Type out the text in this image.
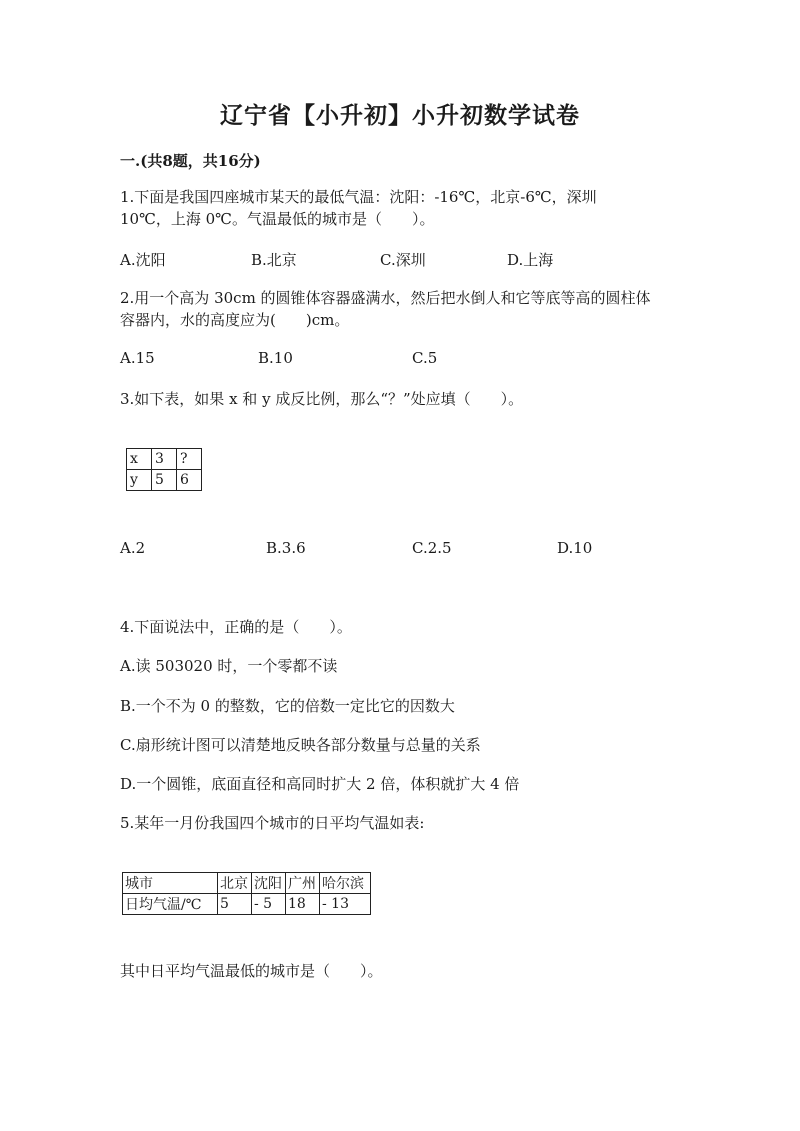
辽宁省【小升初】小升初数学试卷
一.(共8题，共16分)
1.下面是我国四座城市某天的最低气温：沈阳：-16℃，北京-6℃，深圳
10℃，上海 0℃。气温最低的城市是（　　）。
A.沈阳	B.北京	C.深圳	D.上海
2.用一个高为 30cm 的圆锥体容器盛满水，然后把水倒人和它等底等高的圆柱体
容器内，水的高度应为(　　)cm。
A.15	B.10	C.5
3.如下表，如果 x 和 y 成反比例，那么“？”处应填（　　）。
x	3	?
y	5	6
A.2	B.3.6	C.2.5	D.10
4.下面说法中，正确的是（　　）。
A.读 503020 时，一个零都不读
B.一个不为 0 的整数，它的倍数一定比它的因数大
C.扇形统计图可以清楚地反映各部分数量与总量的关系
D.一个圆锥，底面直径和高同时扩大 2 倍，体积就扩大 4 倍
5.某年一月份我国四个城市的日平均气温如表:
城市	北京	沈阳	广州	哈尔滨
日均气温/℃	5	- 5	18	- 13
其中日平均气温最低的城市是（　　）。
